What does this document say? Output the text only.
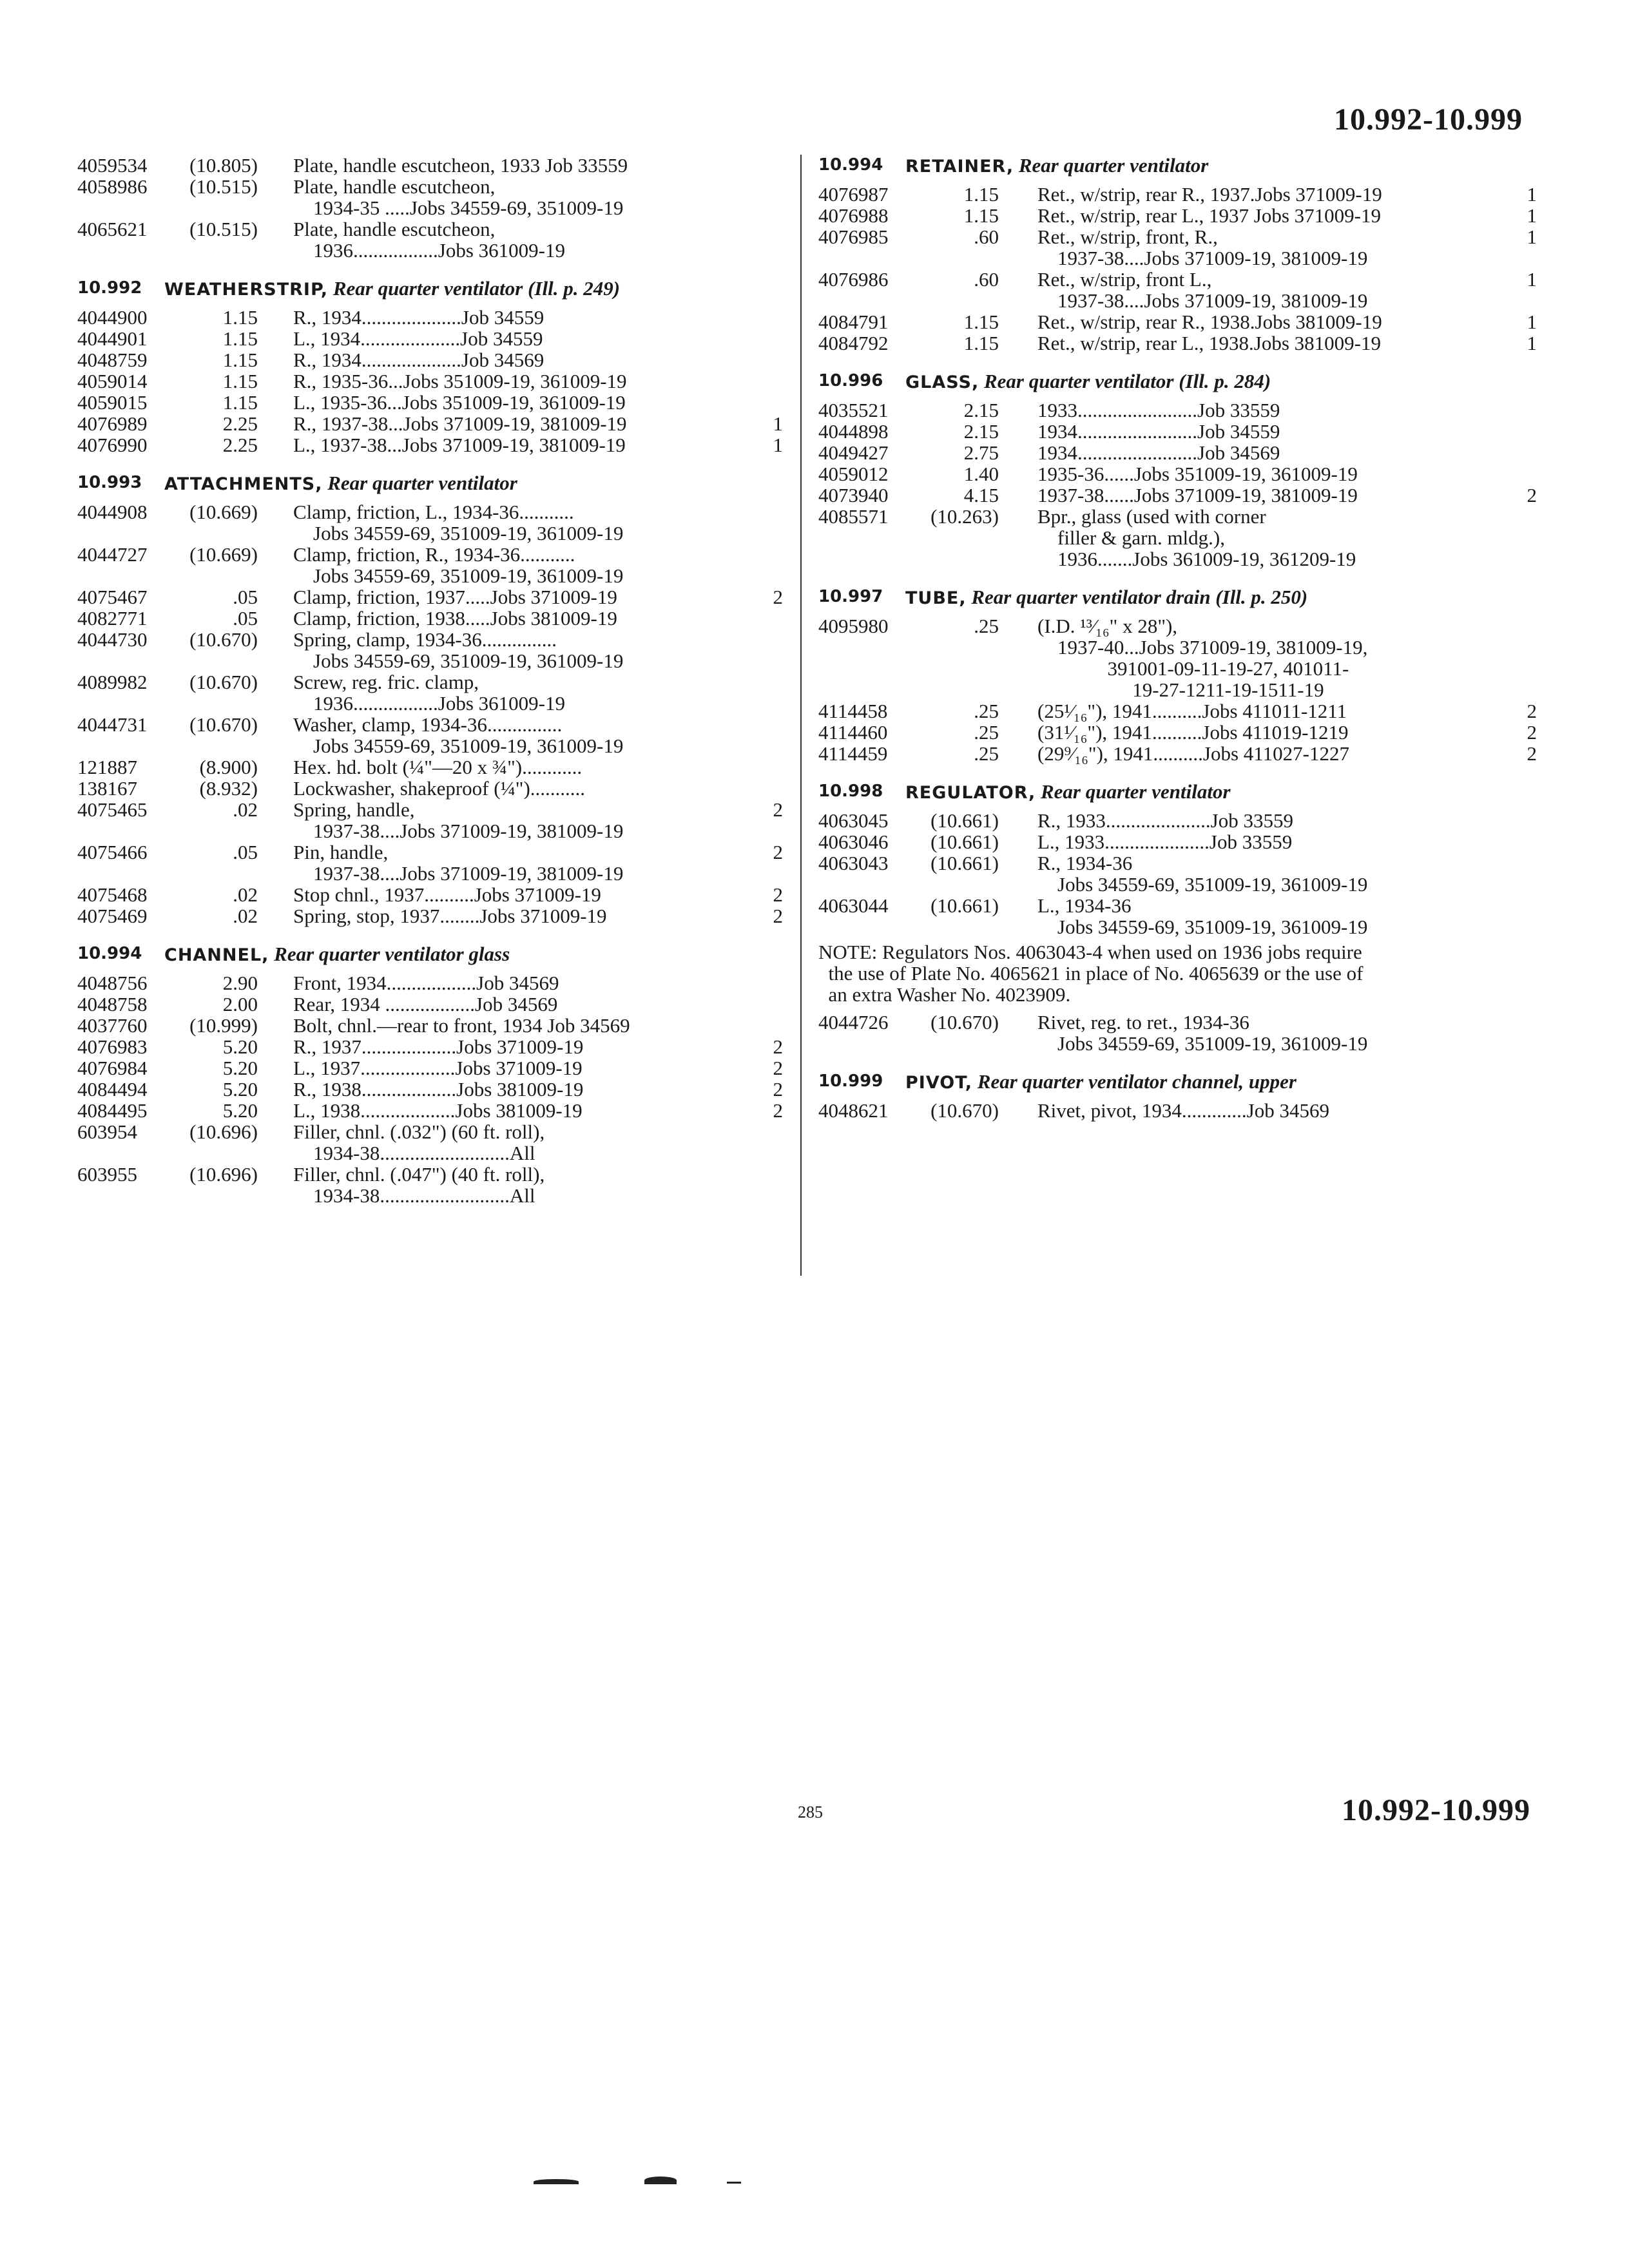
10.992-10.999
4059534	(10.805) Plate, handle escutcheon, 1933 Job 33559
4058986	(10.515) Plate, handle escutcheon,
1934-35 .....Jobs 34559-69, 351009-19
4065621	(10.515) Plate, handle escutcheon,
1936.................Jobs 361009-19
10.992 WEATHERSTRIP, Rear quarter ventilator (Ill. p. 249)
4044900	1.15 R., 1934....................Job 34559
4044901	1.15 L., 1934....................Job 34559
4048759	1.15 R., 1934....................Job 34569
4059014	1.15 R., 1935-36...Jobs 351009-19, 361009-19
4059015	1.15 L., 1935-36...Jobs 351009-19, 361009-19
4076989	2.25 R., 1937-38...Jobs 371009-19, 381009-19	1
4076990	2.25 L., 1937-38...Jobs 371009-19, 381009-19	1
10.993 ATTACHMENTS, Rear quarter ventilator
4044908	(10.669) Clamp, friction, L., 1934-36...........
Jobs 34559-69, 351009-19, 361009-19
4044727	(10.669) Clamp, friction, R., 1934-36...........
Jobs 34559-69, 351009-19, 361009-19
4075467	.05 Clamp, friction, 1937.....Jobs 371009-19	2
4082771	.05 Clamp, friction, 1938.....Jobs 381009-19
4044730	(10.670) Spring, clamp, 1934-36...............
Jobs 34559-69, 351009-19, 361009-19
4089982	(10.670) Screw, reg. fric. clamp,
1936.................Jobs 361009-19
4044731	(10.670) Washer, clamp, 1934-36...............
Jobs 34559-69, 351009-19, 361009-19
121887	(8.900) Hex. hd. bolt (¼"—20 x ¾")............
138167	(8.932) Lockwasher, shakeproof (¼")...........
4075465	.02 Spring, handle,
1937-38....Jobs 371009-19, 381009-19
2
4075466	.05 Pin, handle,
1937-38....Jobs 371009-19, 381009-19
2
4075468	.02 Stop chnl., 1937..........Jobs 371009-19	2
4075469	.02 Spring, stop, 1937........Jobs 371009-19	2
10.994 CHANNEL, Rear quarter ventilator glass
4048756	2.90 Front, 1934..................Job 34569
4048758	2.00 Rear, 1934 ..................Job 34569
4037760	(10.999) Bolt, chnl.—rear to front, 1934 Job 34569
4076983	5.20 R., 1937...................Jobs 371009-19	2
4076984	5.20 L., 1937...................Jobs 371009-19	2
4084494	5.20 R., 1938...................Jobs 381009-19	2
4084495	5.20 L., 1938...................Jobs 381009-19	2
603954	(10.696) Filler, chnl. (.032") (60 ft. roll),
1934-38..........................All
603955	(10.696) Filler, chnl. (.047") (40 ft. roll),
1934-38..........................All
10.994 RETAINER, Rear quarter ventilator
4076987	1.15 Ret., w/strip, rear R., 1937.Jobs 371009-19	1
4076988	1.15 Ret., w/strip, rear L., 1937 Jobs 371009-19	1
4076985	.60 Ret., w/strip, front, R.,
1937-38....Jobs 371009-19, 381009-19
1
4076986	.60 Ret., w/strip, front L.,
1937-38....Jobs 371009-19, 381009-19
1
4084791	1.15 Ret., w/strip, rear R., 1938.Jobs 381009-19	1
4084792	1.15 Ret., w/strip, rear L., 1938.Jobs 381009-19	1
10.996 GLASS, Rear quarter ventilator (Ill. p. 284)
4035521	2.15 1933........................Job 33559
4044898	2.15 1934........................Job 34559
4049427	2.75 1934........................Job 34569
4059012	1.40 1935-36......Jobs 351009-19, 361009-19
4073940	4.15 1937-38......Jobs 371009-19, 381009-19	2
4085571	(10.263) Bpr., glass (used with corner
filler & garn. mldg.),
1936.......Jobs 361009-19, 361209-19
10.997 TUBE, Rear quarter ventilator drain (Ill. p. 250)
4095980	.25 (I.D. ¹³⁄₁₆" x 28"),
1937-40...Jobs 371009-19, 381009-19,
391001-09-11-19-27, 401011-
19-27-1211-19-1511-19
4114458	.25 (25¹⁄₁₆"), 1941..........Jobs 411011-1211	2
4114460	.25 (31¹⁄₁₆"), 1941..........Jobs 411019-1219	2
4114459	.25 (29⁹⁄₁₆"), 1941..........Jobs 411027-1227	2
10.998 REGULATOR, Rear quarter ventilator
4063045	(10.661) R., 1933.....................Job 33559
4063046	(10.661) L., 1933.....................Job 33559
4063043	(10.661) R., 1934-36
Jobs 34559-69, 351009-19, 361009-19
4063044	(10.661) L., 1934-36
Jobs 34559-69, 351009-19, 361009-19
NOTE: Regulators Nos. 4063043-4 when used on 1936 jobs require
the use of Plate No. 4065621 in place of No. 4065639 or the use of
an extra Washer No. 4023909.
4044726	(10.670) Rivet, reg. to ret., 1934-36
Jobs 34559-69, 351009-19, 361009-19
10.999 PIVOT, Rear quarter ventilator channel, upper
4048621	(10.670) Rivet, pivot, 1934.............Job 34569
285	10.992-10.999
